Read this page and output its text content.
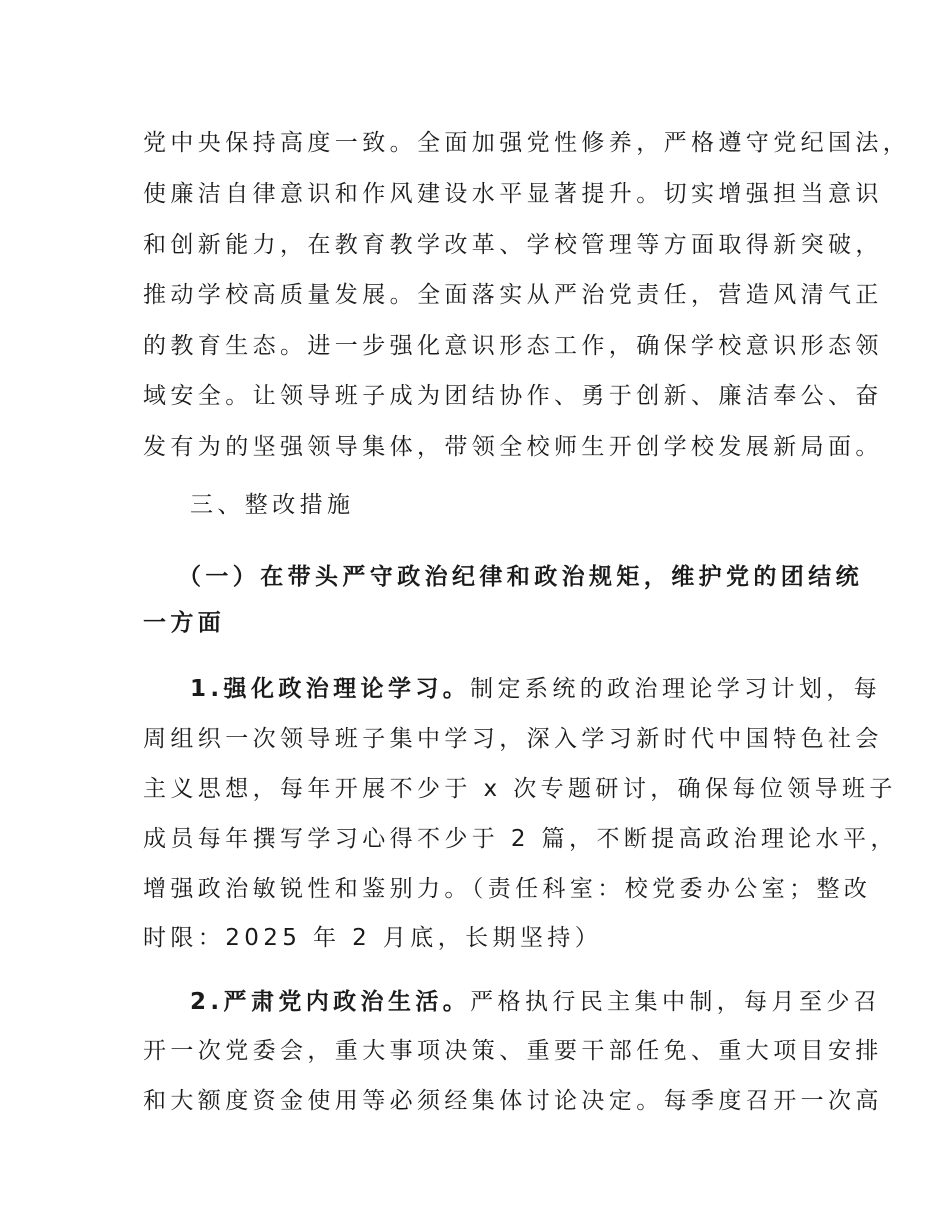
党中央保持高度一致。全面加强党性修养，严格遵守党纪国法，
使廉洁自律意识和作风建设水平显著提升。切实增强担当意识
和创新能力，在教育教学改革、学校管理等方面取得新突破，
推动学校高质量发展。全面落实从严治党责任，营造风清气正
的教育生态。进一步强化意识形态工作，确保学校意识形态领
域安全。让领导班子成为团结协作、勇于创新、廉洁奉公、奋
发有为的坚强领导集体，带领全校师生开创学校发展新局面。
三、整改措施
（一）在带头严守政治纪律和政治规矩，维护党的团结统
一方面
1.强化政治理论学习。制定系统的政治理论学习计划，每
周组织一次领导班子集中学习，深入学习新时代中国特色社会
主义思想，每年开展不少于 x 次专题研讨，确保每位领导班子
成员每年撰写学习心得不少于 2 篇，不断提高政治理论水平，
增强政治敏锐性和鉴别力。（责任科室：校党委办公室；整改
时限：2025 年 2 月底，长期坚持）
2.严肃党内政治生活。严格执行民主集中制，每月至少召
开一次党委会，重大事项决策、重要干部任免、重大项目安排
和大额度资金使用等必须经集体讨论决定。每季度召开一次高
